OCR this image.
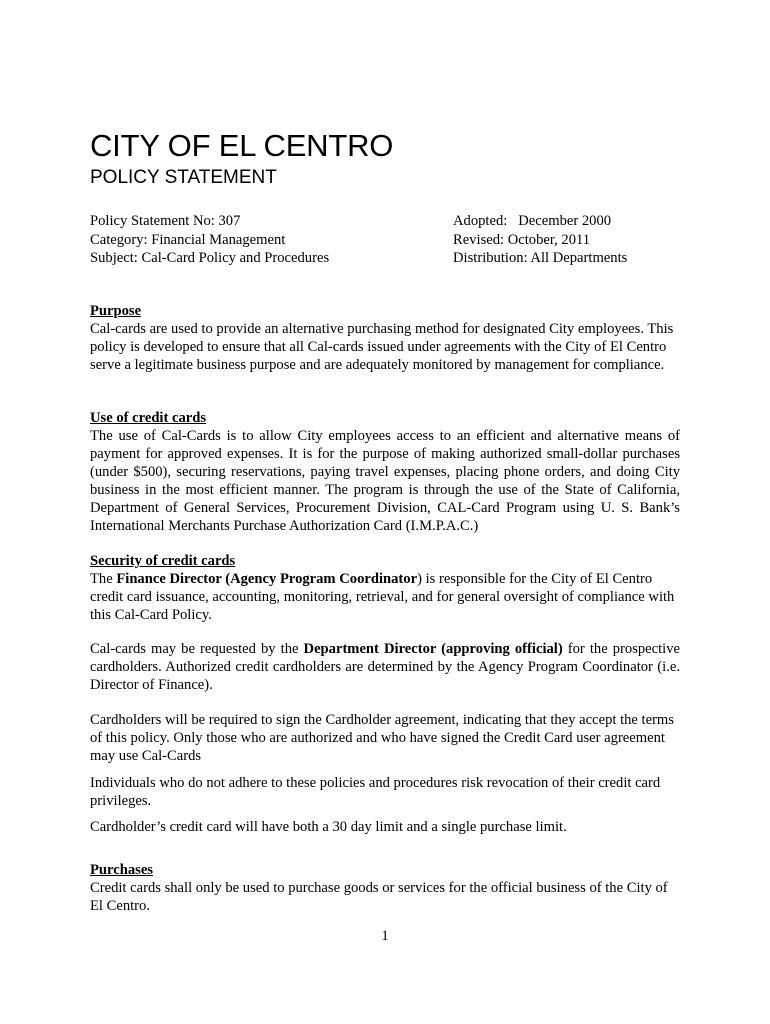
CITY OF EL CENTRO
POLICY STATEMENT
Policy Statement No: 307
Category: Financial Management
Subject: Cal-Card Policy and Procedures
Adopted:   December 2000
Revised: October, 2011
Distribution: All Departments
Purpose
Cal-cards are used to provide an alternative purchasing method for designated City employees. This policy is developed to ensure that all Cal-cards issued under agreements with the City of El Centro serve a legitimate business purpose and are adequately monitored by management for compliance.
Use of credit cards
The use of Cal-Cards is to allow City employees access to an efficient and alternative means of payment for approved expenses. It is for the purpose of making authorized small-dollar purchases (under $500), securing reservations, paying travel expenses, placing phone orders, and doing City business in the most efficient manner. The program is through the use of the State of California, Department of General Services, Procurement Division, CAL-Card Program using U. S. Bank’s International Merchants Purchase Authorization Card (I.M.P.A.C.)
Security of credit cards
The Finance Director (Agency Program Coordinator) is responsible for the City of El Centro credit card issuance, accounting, monitoring, retrieval, and for general oversight of compliance with this Cal-Card Policy.
Cal-cards may be requested by the Department Director (approving official) for the prospective cardholders. Authorized credit cardholders are determined by the Agency Program Coordinator (i.e. Director of Finance).
Cardholders will be required to sign the Cardholder agreement, indicating that they accept the terms of this policy. Only those who are authorized and who have signed the Credit Card user agreement may use Cal-Cards
Individuals who do not adhere to these policies and procedures risk revocation of their credit card privileges.
Cardholder’s credit card will have both a 30 day limit and a single purchase limit.
Purchases
Credit cards shall only be used to purchase goods or services for the official business of the City of El Centro.
1
